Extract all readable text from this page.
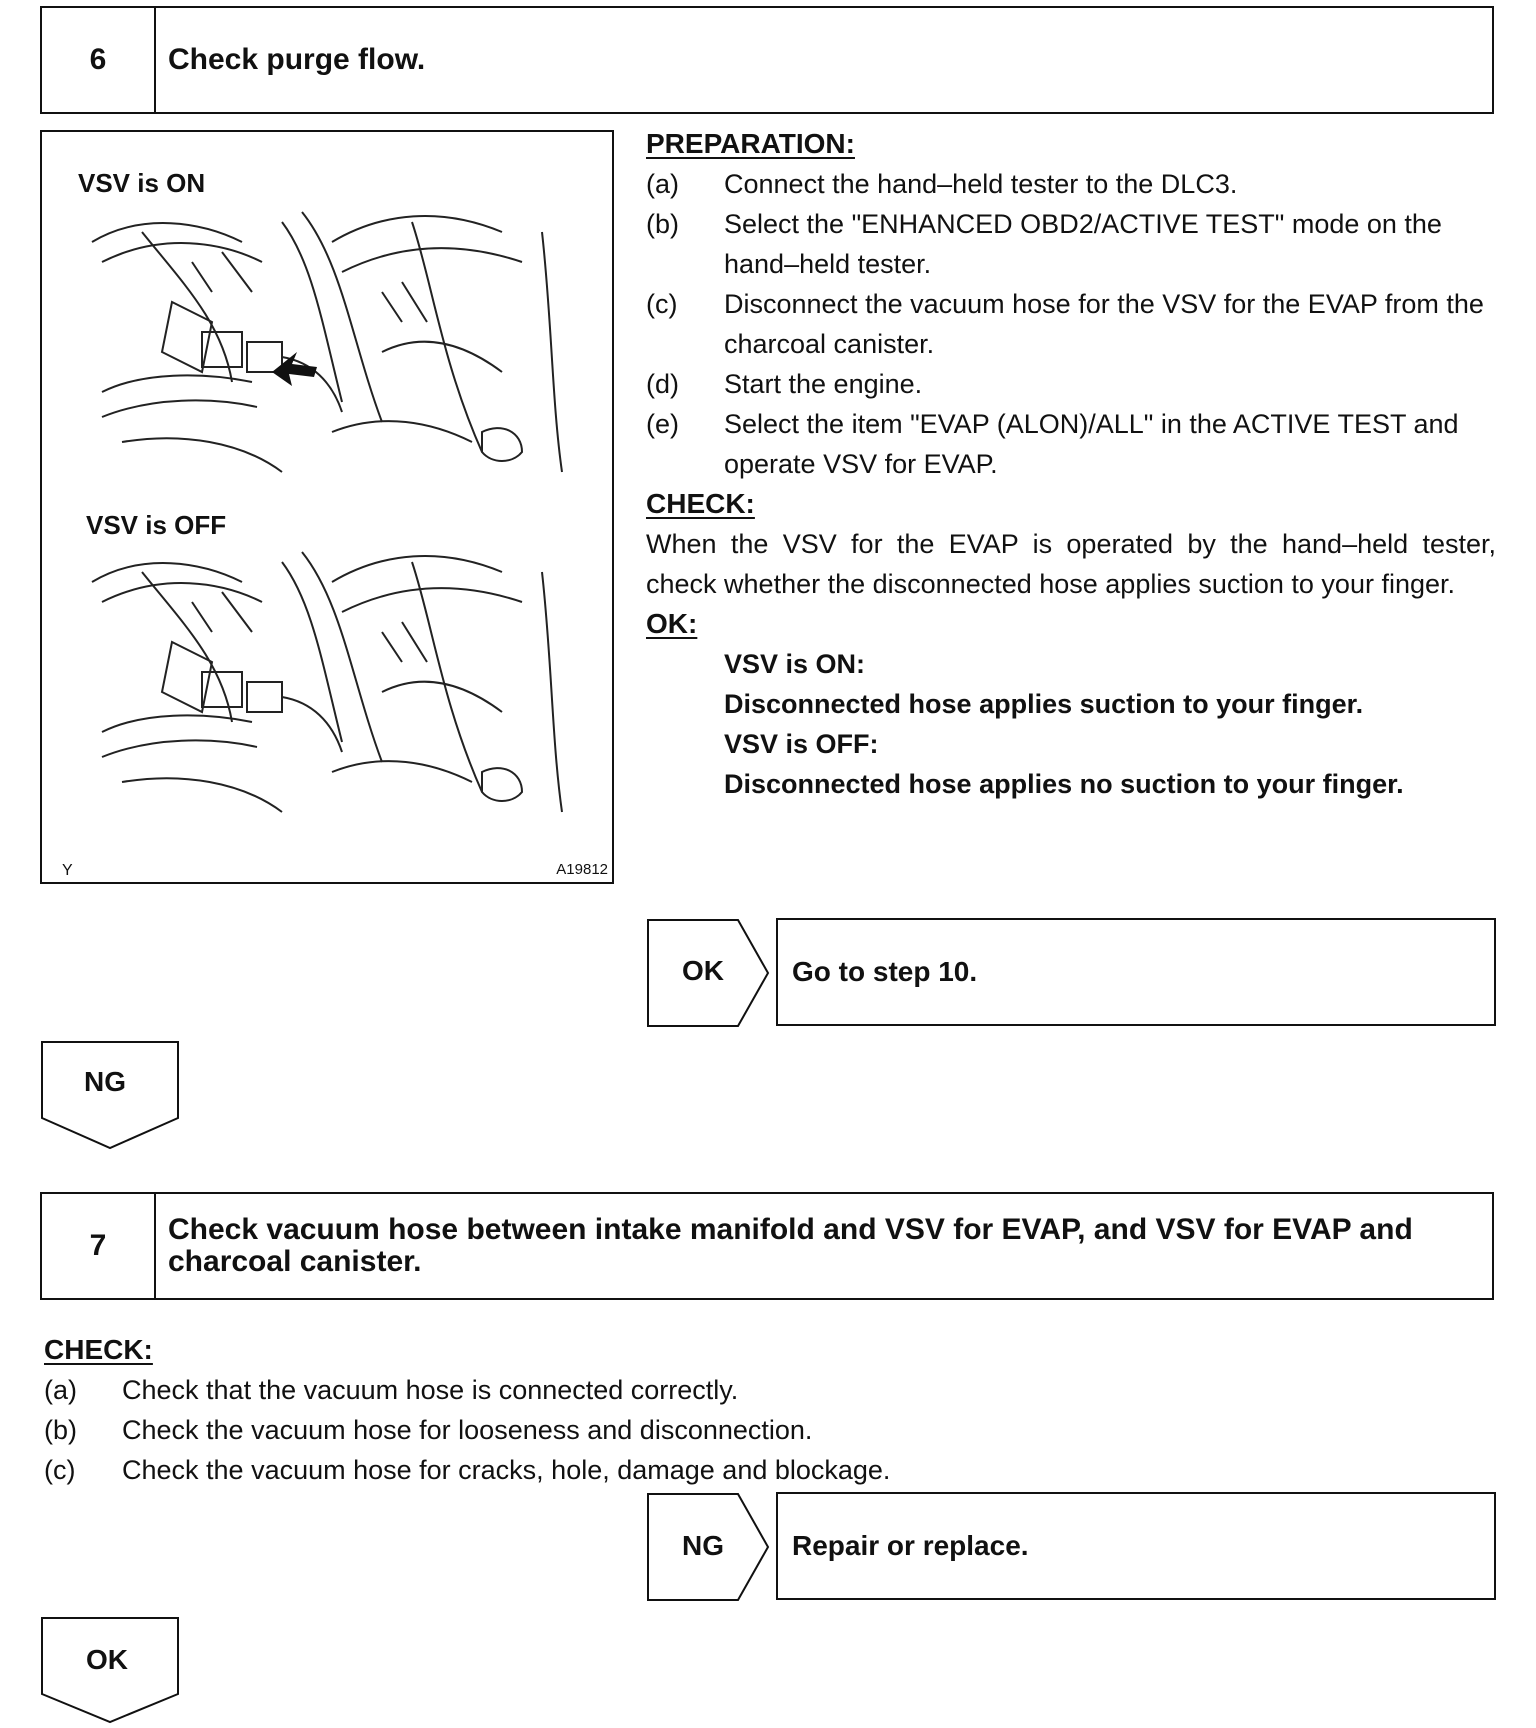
6	Check purge flow.
VSV is ON
VSV is OFF
Y	A19812
PREPARATION:
(a)	Connect the hand–held tester to the DLC3.
(b)	Select the "ENHANCED OBD2/ACTIVE TEST" mode on the hand–held tester.
(c)	Disconnect the vacuum hose for the VSV for the EVAP from the charcoal canister.
(d)	Start the engine.
(e)	Select the item "EVAP (ALON)/ALL" in the ACTIVE TEST and operate VSV for EVAP.
CHECK:
When the VSV for the EVAP is operated by the hand–held tester, check whether the disconnected hose applies suction to your finger.
OK:
VSV is ON:
Disconnected hose applies suction to your finger.
VSV is OFF:
Disconnected hose applies no suction to your finger.
OK	Go to step 10.
NG
7	Check vacuum hose between intake manifold and VSV for EVAP, and VSV for EVAP and charcoal canister.
CHECK:
(a)	Check that the vacuum hose is connected correctly.
(b)	Check the vacuum hose for looseness and disconnection.
(c)	Check the vacuum hose for cracks, hole, damage and blockage.
NG	Repair or replace.
OK
